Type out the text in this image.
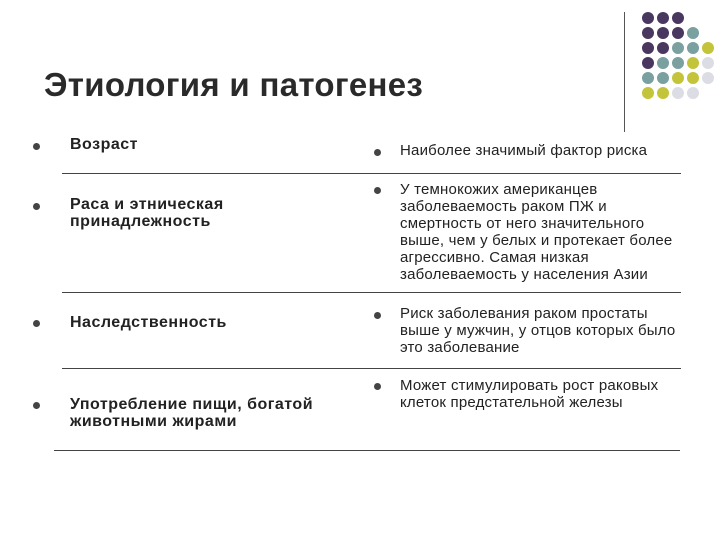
Этиология и патогенез
Возраст
Раса и этническая принадлежность
Наследственность
Употребление пищи, богатой животными жирами
Наиболее значимый фактор риска
У темнокожих американцев заболеваемость раком ПЖ и смертность от него значительного выше, чем у белых и протекает более агрессивно. Самая низкая заболеваемость у населения Азии
Риск заболевания раком простаты выше у мужчин, у отцов которых было это заболевание
Может стимулировать рост раковых клеток предстательной железы
